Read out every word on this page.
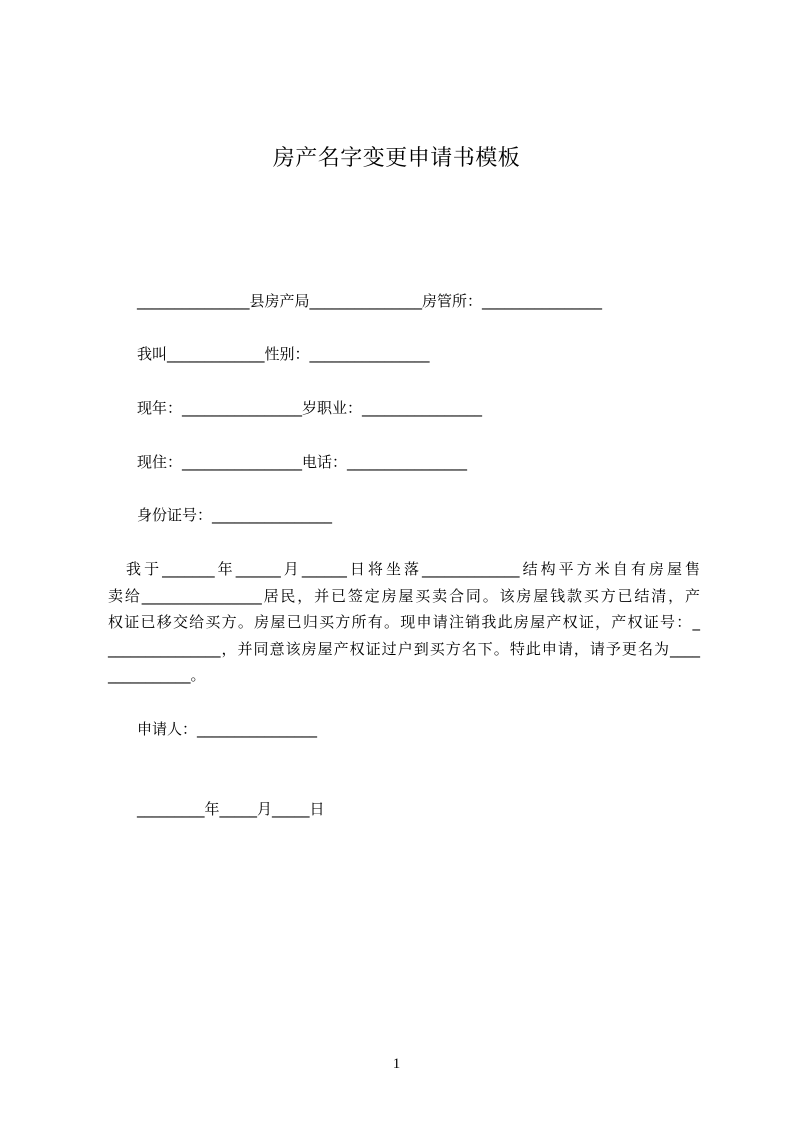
房产名字变更申请书模板
_______________县房产局_______________房管所：________________
我叫_____________性别：________________
现年：________________岁职业：________________
现住：________________电话：________________
身份证号：________________
　我于_______年______月______日将坐落_____________结构平方米自有房屋售
卖给________________居民，并已签定房屋买卖合同。该房屋钱款买方已结清，产
权证已移交给买方。房屋已归买方所有。现申请注销我此房屋产权证，产权证号：_
_______________，并同意该房屋产权证过户到买方名下。特此申请，请予更名为____
___________。
申请人：________________
_________年_____月_____日
1
